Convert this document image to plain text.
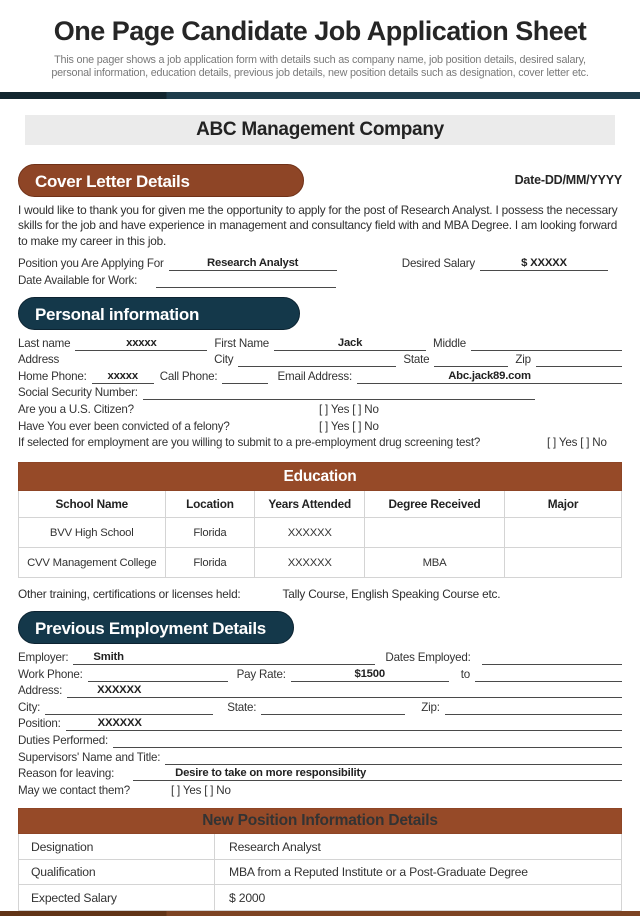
One Page Candidate Job Application Sheet

This one pager shows a job application form with details such as company name, job position details, desired salary, personal information, education details, previous job details, new position details such as designation, cover letter etc.

ABC Management Company
Cover Letter Details	Date-DD/MM/YYYY

I would like to thank you for given me the opportunity to apply for the post of Research Analyst. I possess the necessary skills for the job and have experience in management and consultancy field with and MBA Degree. I am looking forward to make my career in this job.

Position you Are Applying For	Research Analyst	Desired Salary	$ XXXXX
Date Available for Work:
Personal information
Last name	xxxxx	First Name	Jack	Middle
Address	City	State	Zip
Home Phone: xxxxx Call Phone:	Email Address:	Abc.jack89.com
Social Security Number:
Are you a U.S. Citizen?	[ ] Yes [ ] No
Have You ever been convicted of a felony?	[ ] Yes [ ] No
If selected for employment are you willing to submit to a pre-employment drug screening test?	[ ] Yes [ ] No
Education				
School Name	Location	Years Attended	Degree Received	Major
BVV High School	Florida	XXXXXX		
CVV Management College	Florida	XXXXXX	MBA	
Other training, certifications or licenses held:	Tally Course, English Speaking Course etc.
Previous Employment Details
Employer: Smith	Dates Employed:
Work Phone:	Pay Rate:	$1500	to
Address:	XXXXXX
City:	State:	Zip:
Position:	XXXXXX
Duties Performed:
Supervisors' Name and Title:
Reason for leaving:	Desire to take on more responsibility
May we contact them?	[ ] Yes [ ] No
New Position Information Details	
Designation	Research Analyst
Qualification	MBA from a Reputed Institute or a Post-Graduate Degree
Expected Salary	$ 2000
